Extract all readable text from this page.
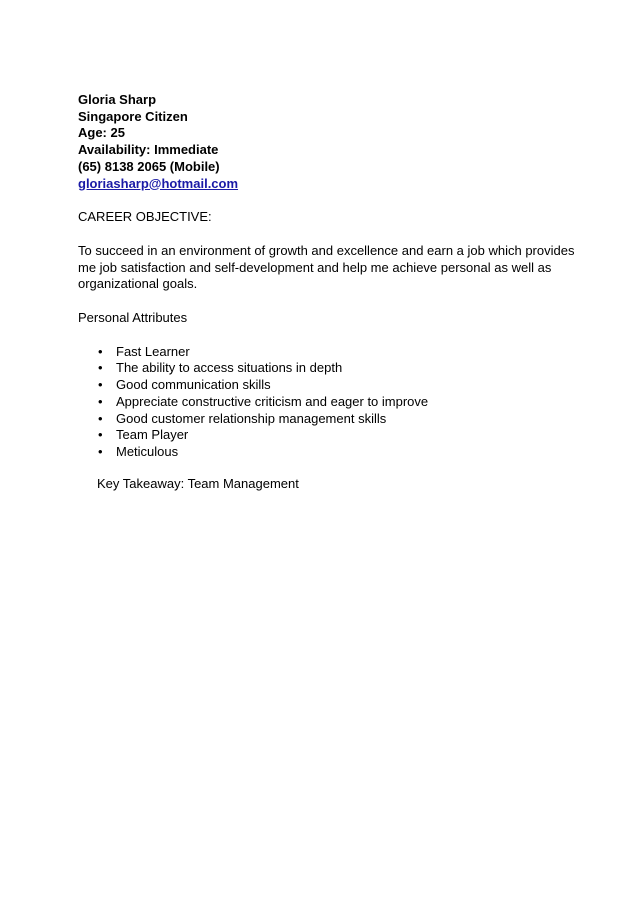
Gloria Sharp
Singapore Citizen
Age: 25
Availability: Immediate
(65) 8138 2065 (Mobile)
gloriasharp@hotmail.com
CAREER OBJECTIVE:
To succeed in an environment of growth and excellence and earn a job which provides me job satisfaction and self-development and help me achieve personal as well as organizational goals.
Personal Attributes
• Fast Learner
• The ability to access situations in depth
• Good communication skills
• Appreciate constructive criticism and eager to improve
• Good customer relationship management skills
• Team Player
• Meticulous
Key Takeaway: Team Management
